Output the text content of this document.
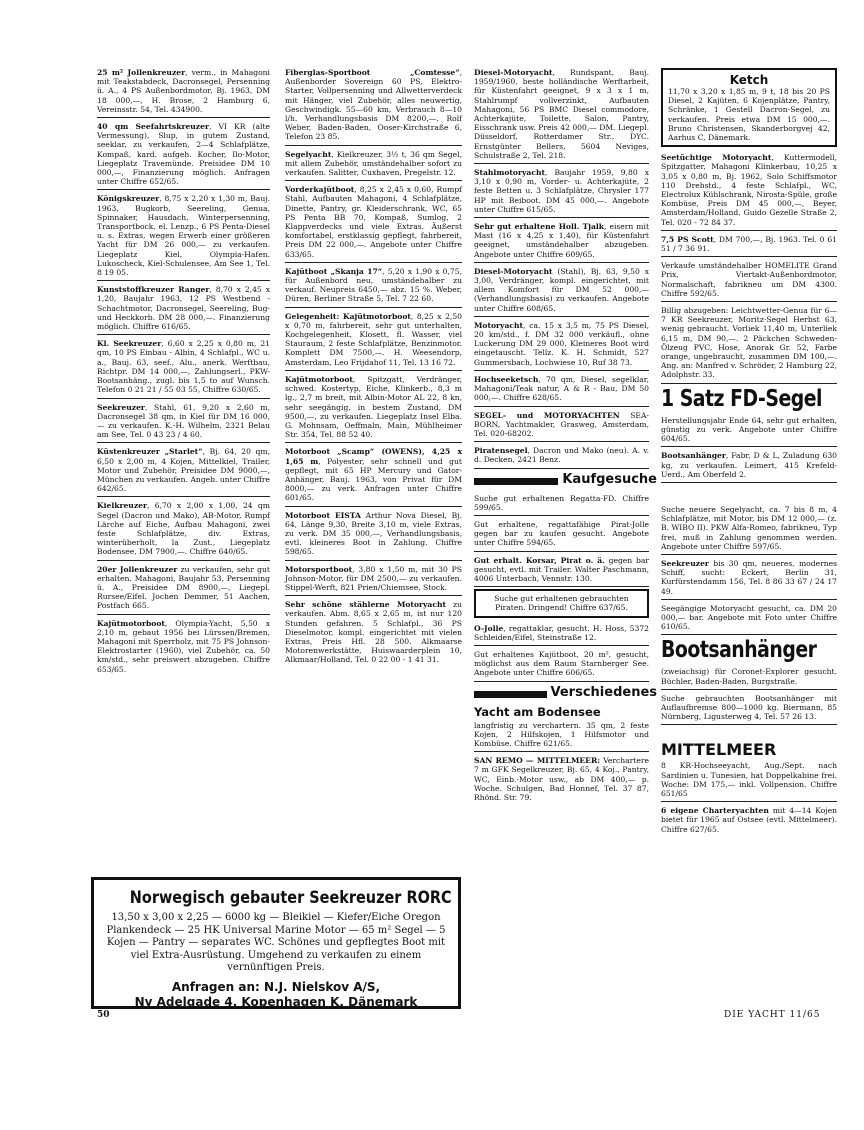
25 m² Jollenkreuzer, verm., in Mahagoni mit Teakstabdeck, Dacronsegel, Persenning ü. A., 4 PS Außenbordmotor, Bj. 1963, DM 18 000,—, H. Brose, 2 Hamburg 6, Vereinsstr. 54, Tel. 434900.
40 qm Seefahrtskreuzer, VI KR (alte Vermessung), Slup, in gutem Zustand, seeklar, zu verkaufen, 2—4 Schlafplätze, Kompaß, kard. aufgeh. Kocher, Ilo-Motor, Liegeplatz Travemünde. Preisidee DM 10 000,—, Finanzierung möglich. Anfragen unter Chiffre 652/65.
Königskreuzer, 8,75 x 2,20 x 1,30 m, Bauj. 1963, Bugkorb, Seereling, Genua, Spinnaker, Hausdach, Winterpersenning, Transportbock, el. Lenzp., 6 PS Penta-Diesel u. s. Extras, wegen Erwerb einer größeren Yacht für DM 26 000,— zu verkaufen. Liegeplatz Kiel, Olympia-Hafen. Lukoscheck, Kiel-Schulensee, Am See 1, Tel. 8 19 05.
Kunststoffkreuzer Ranger, 8,70 x 2,45 x 1,20, Baujahr 1963, 12 PS Westbend - Schachtmotor, Dacronsegel, Seereling, Bug- und Heckkorb. DM 28 000,—. Finanzierung möglich. Chiffre 616/65.
Kl. Seekreuzer, 6,60 x 2,25 x 0,80 m, 21 qm, 10 PS Einbau - Albin, 4 Schlafpl., WC u. a., Bauj. 63, seef., Alu., anerk. Werftbau, Richtpr. DM 14 000,—, Zahlungserl., PKW-Bootsanhäng., zugl. bis 1,5 to auf Wunsch. Telefon 0 21 21 / 55 03 55, Chiffre 630/65.
Seekreuzer, Stahl, 61, 9,20 x 2,60 m, Dacronsegel 38 qm, in Kiel für DM 16 000,— zu verkaufen. K.-H. Wilhelm, 2321 Belau am See, Tel. 0 43 23 / 4 60.
Küstenkreuzer „Starlet“, Bj. 64, 20 qm, 6,50 x 2,00 m, 4 Kojen, Mittelkiel, Trailer, Motor und Zubehör, Preisidee DM 9000,—, München zu verkaufen. Angeb. unter Chiffre 642/65.
Kielkreuzer, 6,70 x 2,00 x 1,00, 24 qm Segel (Dacron und Mako), AB-Motor, Rumpf Lärche auf Eiche, Aufbau Mahagoni, zwei feste Schlafplätze, div. Extras, winterüberholt, la Zust., Liegeplatz Bodensee, DM 7900,—. Chiffre 640/65.
20er Jollenkreuzer zu verkaufen, sehr gut erhalten. Mahagoni, Baujahr 53, Persenning ü. A., Preisidee DM 8900,—, Liegepl. Rursee/Eifel. Jochen Demmer, 51 Aachen, Postfach 665.
Kajütmotorboot, Olympia-Yacht, 5,50 x 2,10 m, gebaut 1956 bei Lürssen/Bremen, Mahagoni mit Sperrholz, mit 75 PS Johnson-Elektrostarter (1960), viel Zubehör, ca. 50 km/std., sehr preiswert abzugeben. Chiffre 653/65.
Fiberglas-Sportboot „Comtesse“, Außenborder Sovereign 60 PS, Elektro-Starter, Vollpersenning und Allwetterverdeck mit Hänger, viel Zubehör, alles neuwertig, Geschwindigk. 55—60 km, Verbrauch 8—10 l/h. Verhandlungsbasis DM 8200,—. Rolf Weber, Baden-Baden, Ooser-Kirchstraße 6, Telefon 23 85.
Segelyacht, Kielkreuzer, 3½ t, 36 qm Segel, mit allem Zubehör, umständehalber sofort zu verkaufen. Salitter, Cuxhaven, Pregelstr. 12.
Vorderkajütboot, 8,25 x 2,45 x 0,60, Rumpf Stahl, Aufbauten Mahagoni, 4 Schlafplätze, Dinette, Pantry, gr. Kleiderschrank, WC, 65 PS Penta BB 70, Kompaß, Sumlog, 2 Klappverdecks und viele Extras. Äußerst komfortabel, erstklassig gepflegt, fahrbereit, Preis DM 22 000,—. Angebote unter Chiffre 633/65.
Kajütboot „Skanja 17“, 5,20 x 1,90 x 0,75, für Außenbord neu, umständehalber zu verkauf. Neupreis 6450,— abz. 15 %. Weber, Düren, Berliner Straße 5, Tel. 7 22 60.
Gelegenheit: Kajütmotorboot, 8,25 x 2,50 x 0,70 m, fahrbereit, sehr gut unterhalten, Kochgelegenheit, Klosett, fl. Wasser, viel Stauraum, 2 feste Schlafplätze, Benzinmotor. Komplett DM 7500,—. H. Weesendorp, Amsterdam, Leo Frijdahof 11, Tel. 13 16 72.
Kajütmotorboot, Spitzgatt, Verdränger, schwed. Kostertyp, Eiche, Klinkerb., 8,3 m lg., 2,7 m breit, mit Albin-Motor AL 22, 8 kn, sehr seegängig, in bestem Zustand, DM 9500,—, zu verkaufen. Liegeplatz Insel Elba. G. Mohnsam, Oeffmaln, Main, Mühlheimer Str. 354, Tel. 88 52 40.
Motorboot „Scamp“ (OWENS), 4,25 x 1,65 m, Polyester, sehr schnell und gut gepflegt, mit 65 HP Mercury und Gator-Anhänger, Bauj. 1963, von Privat für DM 8000,— zu verk. Anfragen unter Chiffre 601/65.
Motorboot EISTA Arthur Nova Diesel, Bj. 64, Länge 9,30, Breite 3,10 m, viele Extras, zu verk. DM 35 000,—, Verhandlungsbasis, evtl. kleineres Boot in Zahlung. Chiffre 598/65.
Motorsportboot, 3,80 x 1,50 m, mit 30 PS Johnson-Motor, für DM 2500,— zu verkaufen. Stippel-Werft, 821 Prien/Chiemsee, Stock.
Sehr schöne stählerne Motoryacht zu verkaufen. Abm. 8,65 x 2,65 m, ist nur 120 Stunden gefahren. 5 Schlafpl., 36 PS Dieselmotor, kompl. eingerichtet mit vielen Extras, Preis Hfl. 28 500. Alkmaarse Motorenwerkstätte, Huiswaarderplein 10, Alkmaar/Holland, Tel. 0 22 00 - 1 41 31.
Diesel-Motoryacht, Rundspant, Bauj. 1959/1960, beste holländische Werftarbeit, für Küstenfahrt geeignet, 9 x 3 x 1 m, Stahlrumpf vollverzinkt, Aufbauten Mahagoni, 56 PS BMC Diesel commodore, Achterkajüte, Toilette, Salon, Pantry, Eisschrank usw. Preis 42 000,— DM. Liegepl. Düsseldorf, Rotterdamer Str., DYC. Ernstgünter Bellers, 5604 Neviges, Schulstraße 2, Tel. 218.
Stahlmotoryacht, Baujahr 1959, 9,80 x 3,10 x 0,90 m, Vorder- u. Achterkajüte, 2 feste Betten u. 3 Schlafplätze, Chrysler 177 HP mit Beiboot. DM 45 000,—. Angebote unter Chiffre 615/65.
Sehr gut erhaltene Holl. Tjalk, eisern mit Mast (16 x 4,25 x 1,40), für Küstenfahrt geeignet, umständehalber abzugeben. Angebote unter Chiffre 609/65.
Diesel-Motoryacht (Stahl), Bj. 63, 9,50 x 3,00, Verdränger, kompl. eingerichtet, mit allem Komfort für DM 52 000,— (Verhandlungsbasis) zu verkaufen. Angebote unter Chiffre 608/65.
Motoryacht, ca. 15 x 3,5 m, 75 PS Diesel, 20 km/std., f. DM 32 000 verkäufl., ohne Luckerung DM 29 000. Kleineres Boot wird eingetauscht. Tellz. K. H. Schmidt, 527 Gummersbach, Lochwiese 10, Ruf 38 73.
Hochseeketsch, 70 qm, Diesel, segelklar, Mahagoni/Teak natur, A & R - Bau, DM 50 000,—. Chiffre 628/65.
SEGEL- und MOTORYACHTEN SEA-BORN, Yachtmakler, Grasweg, Amsterdam, Tel. 020-68202.
Piratensegel, Dacron und Mako (neu). A. v. d. Decken, 2421 Benz.
Kaufgesuche
Suche gut erhaltenen Regatta-FD. Chiffre 599/65.
Gut erhaltene, regattafähige Pirat-Jolle gegen bar zu kaufen gesucht. Angebote unter Chiffre 594/65.
Gut erhalt. Korsar, Pirat o. ä. gegen bar gesucht, evtl. mit Trailer. Walter Paschmann, 4006 Unterbach, Vennstr. 130.
Suche gut erhaltenen gebrauchten Piraten. Dringend! Chiffre 637/65.
O-Jolle, regattaklar, gesucht. H. Hoss, 5372 Schleiden/Eifel, Steinstraße 12.
Gut erhaltenes Kajütboot, 20 m², gesucht, möglichst aus dem Raum Starnberger See. Angebote unter Chiffre 606/65.
Verschiedenes
Yacht am Bodensee
langfristig zu verchartern. 35 qm, 2 feste Kojen, 2 Hilfskojen, 1 Hilfsmotor und Kombüse. Chiffre 621/65.
SAN REMO — MITTELMEER: Verchartere 7 m GFK Segelkreuzer, Bj. 65, 4 Koj., Pantry, WC, Einb.-Motor usw., ab DM 400,— p. Woche. Schulgen, Bad Honnef, Tel. 37 87, Rhönd. Str. 79.
Ketch
11,70 x 3,20 x 1,85 m, 9 t, 18 bis 20 PS Diesel, 2 Kajüten, 6 Kojenplätze, Pantry, Schränke, 1 Gestell Dacron-Segel, zu verkaufen. Preis etwa DM 15 000,—. Bruno Christensen, Skanderborgvej 42, Aarhus C, Dänemark.
Seetüchtige Motoryacht, Kuttermodell, Spitzgatter, Mahagoni Klinkerbau, 10,25 x 3,05 x 0,80 m, Bj. 1962, Solo Schiffsmotor 110 Drehstd., 4 feste Schlafpl., WC, Electrolux Kühlschrank, Nirosta-Spüle, große Kombüse, Preis DM 45 000,—, Beyer, Amsterdam/Holland, Guido Gezelle Straße 2, Tel. 020 - 72 84 37.
7,5 PS Scott, DM 700,—, Bj. 1963. Tel. 0 61 51 / 7 36 91.
Verkaufe umständehalber HOMELITE Grand Prix, Viertakt-Außenbordmotor, Normalschaft, fabrikneu um DM 4300. Chiffre 592/65.
Billig abzugeben: Leichtwetter-Genua für 6—7 KR Seekreuzer, Moritz-Segel Herbst 63, wenig gebraucht. Vorliek 11,40 m, Unterliek 6,15 m, DM 90,—. 2 Päckchen Schweden-Ölzeug PVC, Hose, Anorak Gr. 52, Farbe orange, ungebraucht, zusammen DM 100,—. Ang. an: Manfred v. Schröder, 2 Hamburg 22, Adolphstr. 33.
1 Satz FD-Segel
Herstellungsjahr Ende 64, sehr gut erhalten, günstig zu verk. Angebote unter Chiffre 604/65.
Bootsanhänger, Fabr. D & L, Zuladung 630 kg, zu verkaufen. Leimert, 415 Krefeld-Uerd., Am Oberfeld 2.
Suche neuere Segelyacht, ca. 7 bis 8 m, 4 Schlafplätze, mit Motor, bis DM 12 000,— (z. B. WIBO II). PKW Alfa-Romeo, fabrikneu, Typ frei, muß in Zahlung genommen werden. Angebote unter Chiffre 597/65.
Seekreuzer bis 30 qm, neueres, modernes Schiff, sucht: Eckert, Berlin 31, Kurfürstendamm 156, Tel. 8 86 33 67 / 24 17 49.
Seegängige Motoryacht gesucht, ca. DM 20 000,— bar. Angebote mit Foto unter Chiffre 610/65.
Bootsanhänger
(zweiachsig) für Coronet-Explorer gesucht. Büchler, Baden-Baden, Burgstraße.
Suche gebrauchten Bootsanhänger mit Auflaufbremse 800—1000 kg. Biermann, 85 Nürnberg, Ligusterweg 4, Tel. 57 26 13.
MITTELMEER
8 KR-Hochseeyacht, Aug./Sept. nach Sardinien u. Tunesien, hat Doppelkabine frei. Woche: DM 175,— inkl. Vollpension. Chiffre 651/65
6 eigene Charteryachten mit 4—14 Kojen bietet für 1965 auf Ostsee (evtl. Mittelmeer). Chiffre 627/65.
Norwegisch gebauter Seekreuzer RORC I
13,50 x 3,00 x 2,25 — 6000 kg — Bleikiel — Kiefer/Eiche Oregon Plankendeck — 25 HK Universal Marine Motor — 65 m² Segel — 5 Kojen — Pantry — separates WC. Schönes und gepflegtes Boot mit viel Extra-Ausrüstung. Umgehend zu verkaufen zu einem vernünftigen Preis.
Anfragen an: N.J. Nielskov A/S,
Ny Adelgade 4, Kopenhagen K, Dänemark
50	DIE YACHT 11/65
